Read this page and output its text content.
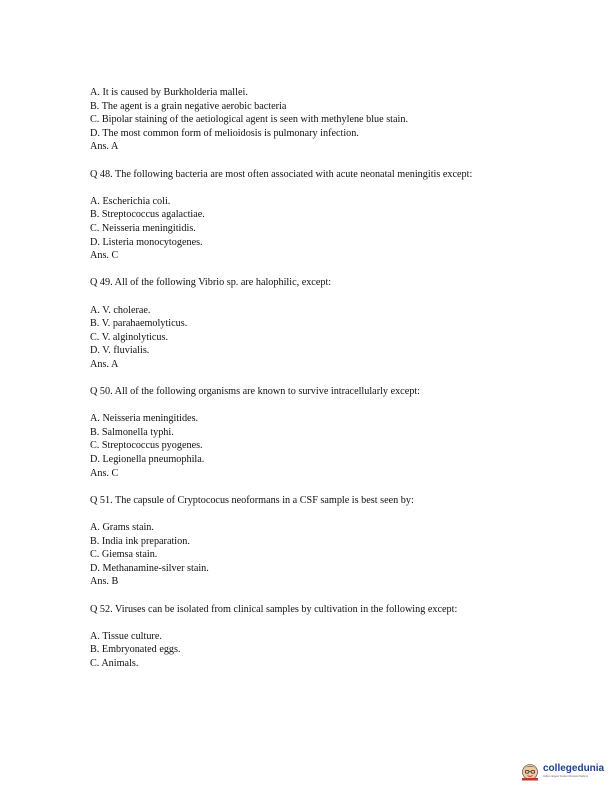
A. It is caused by Burkholderia mallei.
B. The agent is a grain negative aerobic bacteria
C. Bipolar staining of the aetiological agent is seen with methylene blue stain.
D. The most common form of melioidosis is pulmonary infection.
Ans. A
Q 48. The following bacteria are most often associated with acute neonatal meningitis except:
A. Escherichia coli.
B. Streptococcus agalactiae.
C. Neisseria meningitidis.
D. Listeria monocytogenes.
Ans. C
Q 49. All of the following Vibrio sp. are halophilic, except:
A. V. cholerae.
B. V. parahaemolyticus.
C. V. alginolyticus.
D. V. fluvialis.
Ans. A
Q 50. All of the following organisms are known to survive intracellularly except:
A. Neisseria meningitides.
B. Salmonella typhi.
C. Streptococcus pyogenes.
D. Legionella pneumophila.
Ans. C
Q 51. The capsule of Cryptococus neoformans in a CSF sample is best seen by:
A. Grams stain.
B. India ink preparation.
C. Giemsa stain.
D. Methanamine-silver stain.
Ans. B
Q 52. Viruses can be isolated from clinical samples by cultivation in the following except:
A. Tissue culture.
B. Embryonated eggs.
C. Animals.
collegedunia
India's largest Student Review Platform
